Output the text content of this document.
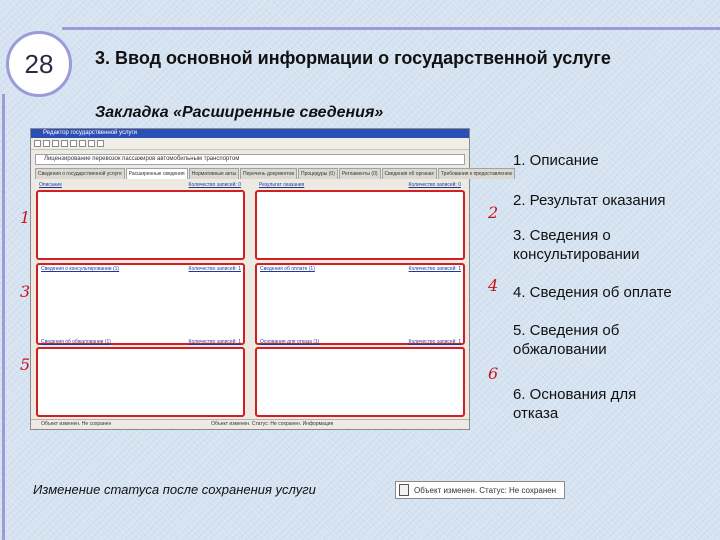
28	3. Ввод основной информации о государственной услуге
Закладка «Расширенные сведения»
Редактор государственной услуги
Лицензирование перевозок пассажиров автомобильным транспортом
Сведения о государственной услуге	Расширенные сведения	Нормативные акты	Перечень документов	Процедуры (0)	Регламенты (0)	Сведения об органах	Требования к предоставлению
Описание	Количество записей: 0	Результат оказания	Количество записей: 0
Сведения о консультировании (1)	Количество записей: 1	Сведения об оплате (1)	Количество записей: 1
Сведения об обжаловании (1)	Количество записей: 1	Основания для отказа (1)	Количество записей: 1
Объект изменен. Не сохранен	Объект изменен. Статус: Не сохранен. Информация
1	2
3	4
5	6
1. Описание
2. Результат оказания
3. Сведения о консультировании
4. Сведения об оплате
5. Сведения об обжаловании
6. Основания для отказа
Изменение статуса после сохранения услуги	Объект изменен. Статус: Не сохранен
